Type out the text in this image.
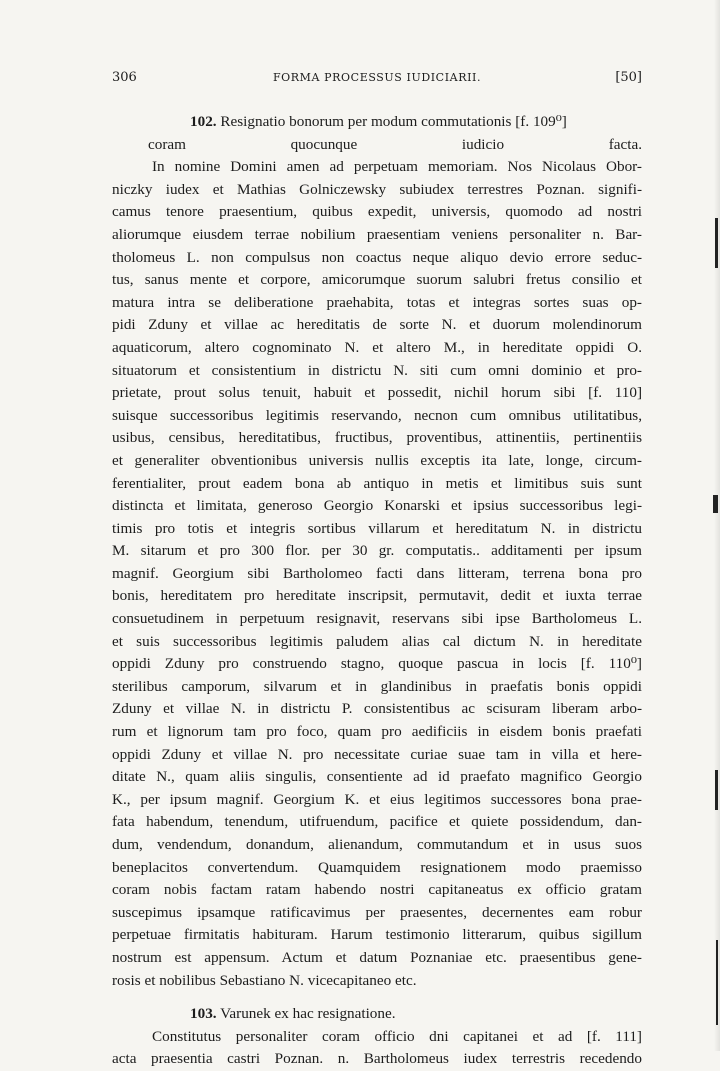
306	FORMA PROCESSUS IUDICIARII.	[50]
102. Resignatio bonorum per modum commutationis [f. 109⁰]
coram quocunque iudicio facta.
In nomine Domini amen ad perpetuam memoriam. Nos Nicolaus Obor-
niczky iudex et Mathias Golniczewsky subiudex terrestres Poznan. signifi-
camus tenore praesentium, quibus expedit, universis, quomodo ad nostri
aliorumque eiusdem terrae nobilium praesentiam veniens personaliter n. Bar-
tholomeus L. non compulsus non coactus neque aliquo devio errore seduc-
tus, sanus mente et corpore, amicorumque suorum salubri fretus consilio et
matura intra se deliberatione praehabita, totas et integras sortes suas op-
pidi Zduny et villae ac hereditatis de sorte N. et duorum molendinorum
aquaticorum, altero cognominato N. et altero M., in hereditate oppidi O.
situatorum et consistentium in districtu N. siti cum omni dominio et pro-
prietate, prout solus tenuit, habuit et possedit, nichil horum sibi [f. 110]
suisque successoribus legitimis reservando, necnon cum omnibus utilitatibus,
usibus, censibus, hereditatibus, fructibus, proventibus, attinentiis, pertinentiis
et generaliter obventionibus universis nullis exceptis ita late, longe, circum-
ferentialiter, prout eadem bona ab antiquo in metis et limitibus suis sunt
distincta et limitata, generoso Georgio Konarski et ipsius successoribus legi-
timis pro totis et integris sortibus villarum et hereditatum N. in districtu
M. sitarum et pro 300 flor. per 30 gr. computatis.. additamenti per ipsum
magnif. Georgium sibi Bartholomeo facti dans litteram, terrena bona pro
bonis, hereditatem pro hereditate inscripsit, permutavit, dedit et iuxta terrae
consuetudinem in perpetuum resignavit, reservans sibi ipse Bartholomeus L.
et suis successoribus legitimis paludem alias cal dictum N. in hereditate
oppidi Zduny pro construendo stagno, quoque pascua in locis [f. 110⁰]
sterilibus camporum, silvarum et in glandinibus in praefatis bonis oppidi
Zduny et villae N. in districtu P. consistentibus ac scisuram liberam arbo-
rum et lignorum tam pro foco, quam pro aedificiis in eisdem bonis praefati
oppidi Zduny et villae N. pro necessitate curiae suae tam in villa et here-
ditate N., quam aliis singulis, consentiente ad id praefato magnifico Georgio
K., per ipsum magnif. Georgium K. et eius legitimos successores bona prae-
fata habendum, tenendum, utifruendum, pacifice et quiete possidendum, dan-
dum, vendendum, donandum, alienandum, commutandum et in usus suos
beneplacitos convertendum. Quamquidem resignationem modo praemisso
coram nobis factam ratam habendo nostri capitaneatus ex officio gratam
suscepimus ipsamque ratificavimus per praesentes, decernentes eam robur
perpetuae firmitatis habituram. Harum testimonio litterarum, quibus sigillum
nostrum est appensum. Actum et datum Poznaniae etc. praesentibus gene-
rosis et nobilibus Sebastiano N. vicecapitaneo etc.
103. Varunek ex hac resignatione.
Constitutus personaliter coram officio dni capitanei et ad [f. 111]
acta praesentia castri Poznan. n. Bartholomeus iudex terrestris recedendo
